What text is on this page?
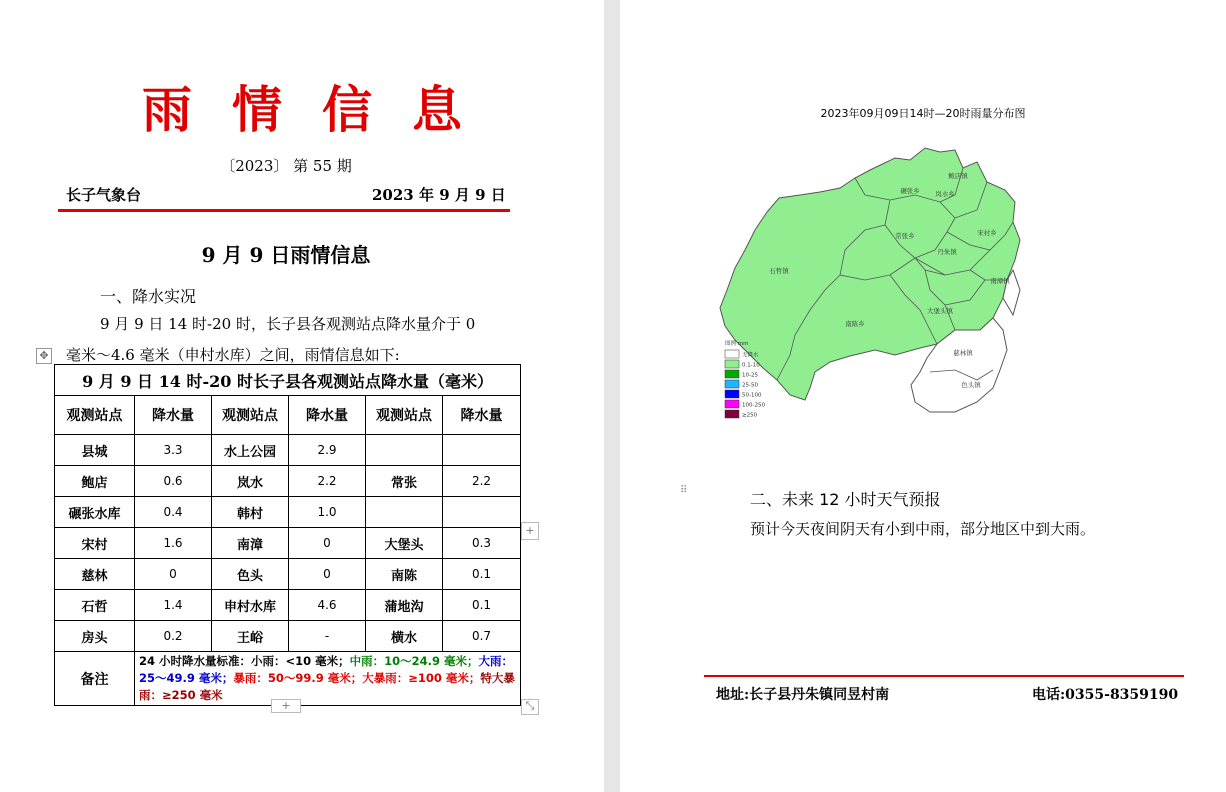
雨 情 信 息
〔2023〕 第 55 期
长子气象台	2023 年 9 月 9 日
9 月 9 日雨情信息
一、降水实况
9 月 9 日 14 时-20 时，长子县各观测站点降水量介于 0
毫米～4.6 毫米（申村水库）之间，雨情信息如下:
✥
9 月 9 日 14 时-20 时长子县各观测站点降水量（毫米）					
观测站点	降水量	观测站点	降水量	观测站点	降水量
县城	3.3	水上公园	2.9		
鲍店	0.6	岚水	2.2	常张	2.2
碾张水库	0.4	韩村	1.0		
宋村	1.6	南漳	0	大堡头	0.3
慈林	0	色头	0	南陈	0.1
石哲	1.4	申村水库	4.6	蒲地沟	0.1
房头	0.2	王峪	-	横水	0.7
备注	24 小时降水量标准：小雨：<10 毫米；中雨：10～24.9 毫米；大雨：25～49.9 毫米；暴雨：50～99.9 毫米；大暴雨：≥100 毫米；特大暴雨：≥250 毫米				
+
+	⤡
2023年09月09日14时—20时雨量分布图
鲍店镇
碾张乡 岚水乡
宋村乡
常张乡
丹朱镇
石哲镇
南漳镇
大堡头镇
南陈乡
慈林镇
色头镇
图例 mm
无降水
0.1-10
10-25
25-50
50-100
100-250
≥250
⠿	二、未来 12 小时天气预报
预计今天夜间阴天有小到中雨，部分地区中到大雨。
地址:长子县丹朱镇同昱村南	电话:0355-8359190
